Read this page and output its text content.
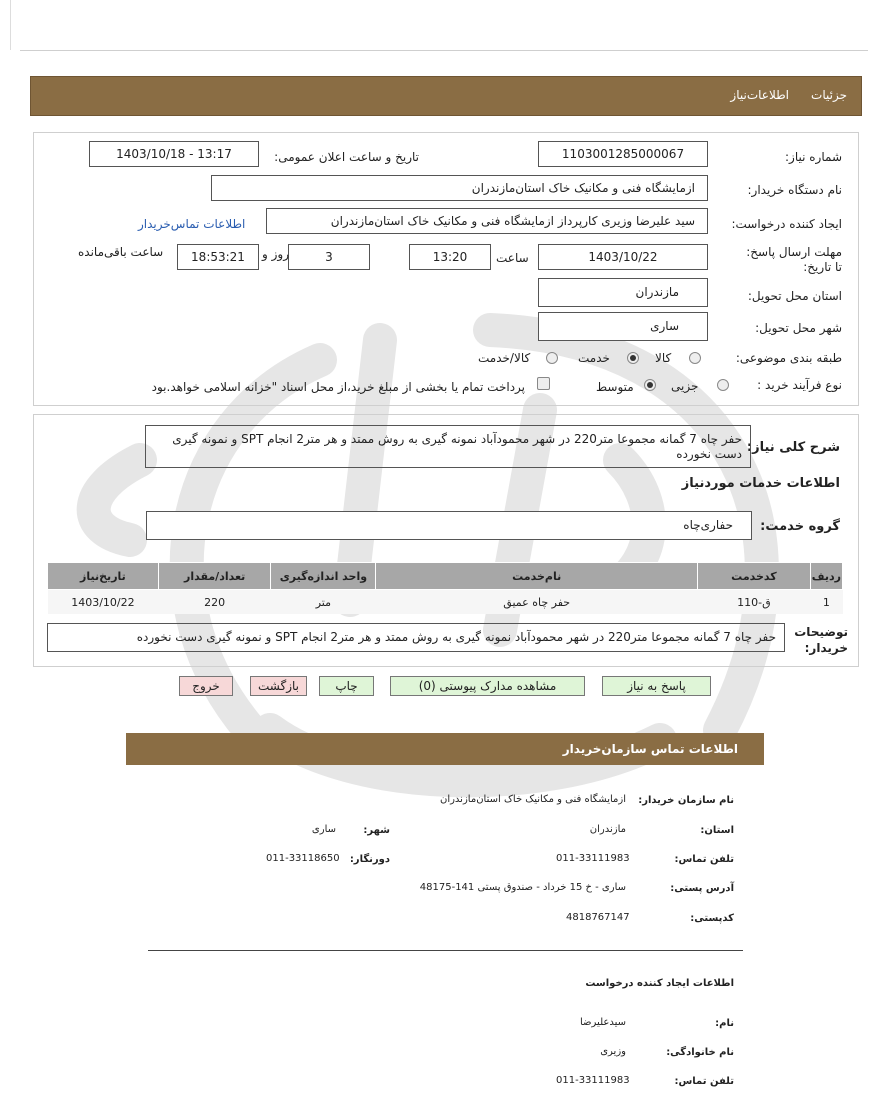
جزئیات
اطلاعات‌نیاز
شماره نیاز:
1103001285000067
تاریخ و ساعت اعلان عمومی:
1403/10/18 - 13:17
نام دستگاه خریدار:
ازمایشگاه فنی و مکانیک خاک استان‌مازندران
ایجاد کننده درخواست:
سید علیرضا وزیری کارپرداز ازمایشگاه فنی و مکانیک خاک استان‌مازندران
اطلاعات تماس‌خریدار
مهلت ارسال پاسخ: تا تاریخ:
1403/10/22
ساعت
13:20
3
روز و
18:53:21
ساعت باقی‌مانده
استان محل تحویل:
مازندران
شهر محل تحویل:
ساری
طبقه بندی موضوعی:
کالا
خدمت
کالا/خدمت
نوع فرآیند خرید :
جزیی
متوسط
پرداخت تمام یا بخشی از مبلغ خرید،از محل اسناد "خزانه اسلامی خواهد.بود
شرح کلی نیاز:
حفر چاه 7 گمانه مجموعا متر220 در شهر محمودآباد نمونه گیری به روش ممتد و هر متر2 انجام SPT و نمونه گیری دست نخورده
اطلاعات خدمات موردنیاز
گروه خدمت:
حفاری‌چاه
ردیف	کدخدمت	نام‌خدمت	واحد اندازه‌گیری	تعداد/مقدار	تاریخ‌نیاز
1	ق-110	حفر چاه عمیق	متر	220	1403/10/22
توضیحات خریدار:
حفر چاه 7 گمانه مجموعا متر220 در شهر محمودآباد نمونه گیری به روش ممتد و هر متر2 انجام SPT و نمونه گیری دست نخورده
پاسخ به نیاز
مشاهده مدارک پیوستی (0)
چاپ
بازگشت
خروج
اطلاعات تماس سازمان‌خریدار
نام سازمان خریدار:
ازمایشگاه فنی و مکانیک خاک استان‌مازندران
استان:
مازندران
شهر:
ساری
تلفن تماس:
011-33111983
دورنگار:
011-33118650
آدرس پستی:
ساری - خ 15 خرداد - صندوق پستی 141-48175
کدپستی:
4818767147
اطلاعات ایجاد کننده درخواست
نام:
سیدعلیرضا
نام خانوادگی:
وزیری
تلفن تماس:
011-33111983
